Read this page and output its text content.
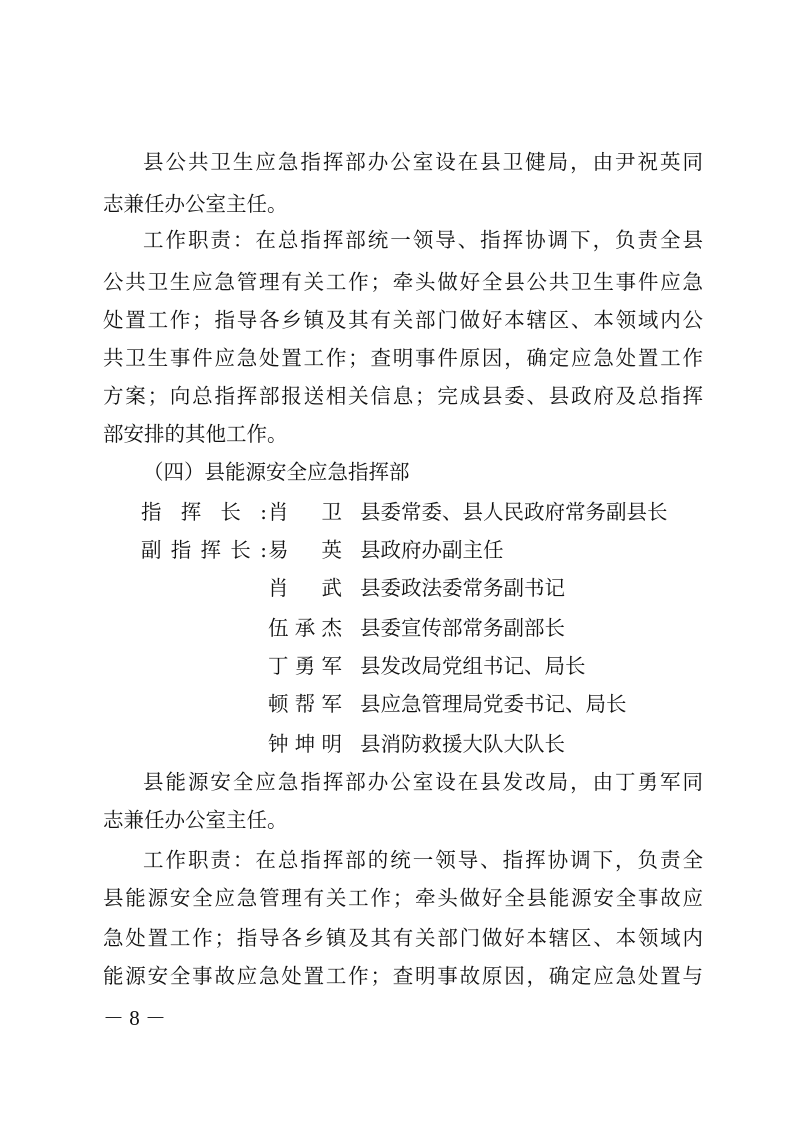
县公共卫生应急指挥部办公室设在县卫健局，由尹祝英同
志兼任办公室主任。
工作职责：在总指挥部统一领导、指挥协调下，负责全县
公共卫生应急管理有关工作；牵头做好全县公共卫生事件应急
处置工作；指导各乡镇及其有关部门做好本辖区、本领域内公
共卫生事件应急处置工作；查明事件原因，确定应急处置工作
方案；向总指挥部报送相关信息；完成县委、县政府及总指挥
部安排的其他工作。
（四）县能源安全应急指挥部
指挥长: 肖卫 县委常委、县人民政府常务副县长
副指挥长: 易英 县政府办副主任
肖武 县委政法委常务副书记
伍承杰 县委宣传部常务副部长
丁勇军 县发改局党组书记、局长
顿帮军 县应急管理局党委书记、局长
钟坤明 县消防救援大队大队长
县能源安全应急指挥部办公室设在县发改局，由丁勇军同
志兼任办公室主任。
工作职责：在总指挥部的统一领导、指挥协调下，负责全
县能源安全应急管理有关工作；牵头做好全县能源安全事故应
急处置工作；指导各乡镇及其有关部门做好本辖区、本领域内
能源安全事故应急处置工作；查明事故原因，确定应急处置与
－ 8 －
